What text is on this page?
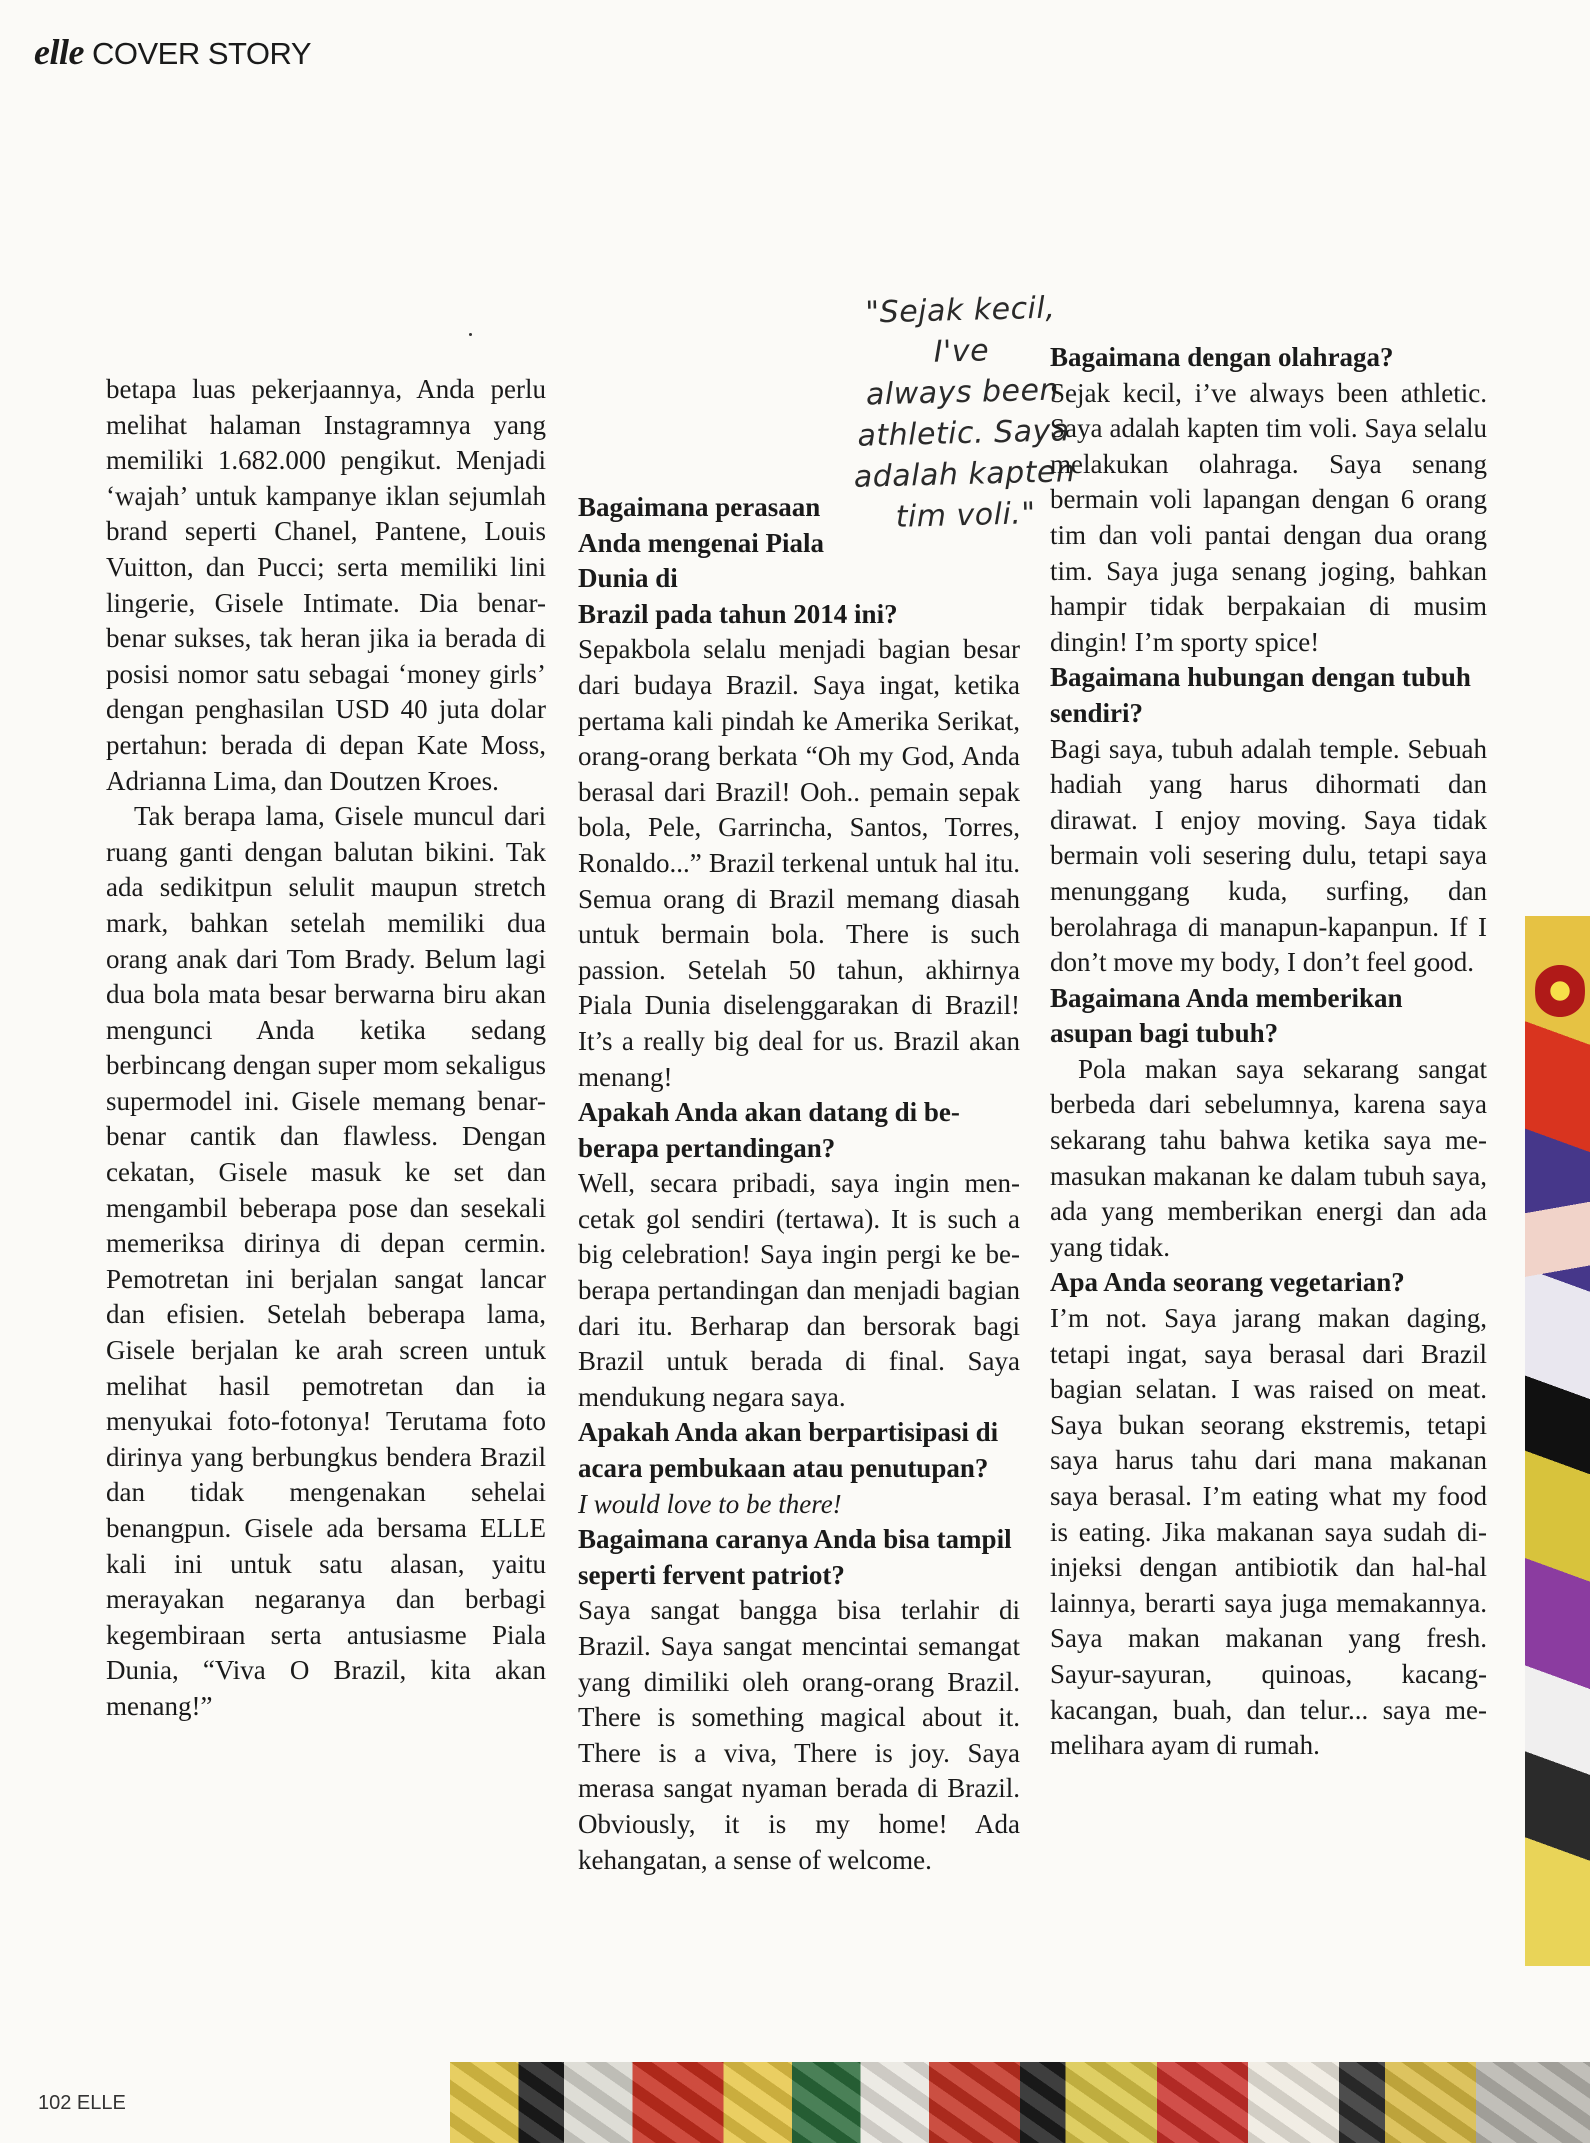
elle COVER STORY

betapa luas pekerjaannya, Anda perlu melihat halaman Instagramnya yang memiliki 1.682.000 pengikut. Menjadi ‘wajah’ untuk kampanye iklan sejumlah brand seperti Chanel, Pantene, Louis Vuitton, dan Pucci; serta memiliki lini lingerie, Gisele Intimate. Dia benar-benar sukses, tak heran jika ia berada di posisi nomor satu sebagai ‘money girls’ dengan penghasilan USD 40 juta dolar pertahun: berada di depan Kate Moss, Adrianna Lima, dan Doutzen Kroes.

Tak berapa lama, Gisele muncul dari ruang ganti dengan balutan bikini. Tak ada sedikitpun selulit maupun stretch mark, bahkan setelah memiliki dua orang anak dari Tom Brady. Belum lagi dua bola mata besar berwarna biru akan mengunci Anda ketika sedang berbincang dengan super mom sekaligus supermodel ini. Gisele memang benar-benar cantik dan flawless. Dengan cekatan, Gisele masuk ke set dan mengambil beberapa pose dan sesekali memeriksa dirinya di depan cermin. Pemotretan ini berjalan sangat lancar dan efisien. Setelah beberapa lama, Gisele berjalan ke arah screen untuk melihat hasil pemotretan dan ia menyukai foto-fotonya! Terutama foto dirinya yang berbungkus bendera Brazil dan tidak mengenakan sehelai benangpun. Gisele ada bersama ELLE kali ini untuk satu alasan, yaitu merayakan negaranya dan berbagi kegembiraan serta antusiasme Piala Dunia, “Viva O Brazil, kita akan menang!”

"Sejak kecil, I've
always been
athletic. Saya
adalah kapten
tim voli."

Bagaimana perasaan Anda mengenai Piala Dunia di

Brazil pada tahun 2014 ini?

Sepakbola selalu menjadi bagian besar dari budaya Brazil. Saya ingat, ketika pertama kali pindah ke Amerika Serikat, orang-orang berkata “Oh my God, Anda berasal dari Brazil! Ooh.. pemain sepak bola, Pele, Garrincha, Santos, Torres, Ronaldo...” Brazil terkenal untuk hal itu. Semua orang di Brazil memang diasah untuk bermain bola. There is such passion. Setelah 50 tahun, akhirnya Piala Dunia diselenggarakan di Brazil! It’s a really big deal for us. Brazil akan menang!

Apakah Anda akan datang di beberapa pertandingan?

Well, secara pribadi, saya ingin mencetak gol sendiri (tertawa). It is such a big celebration! Saya ingin pergi ke beberapa pertandingan dan menjadi bagian dari itu. Berharap dan bersorak bagi Brazil untuk berada di final. Saya mendukung negara saya.

Apakah Anda akan berpartisipasi di acara pembukaan atau penutupan?

I would love to be there!

Bagaimana caranya Anda bisa tampil seperti fervent patriot?

Saya sangat bangga bisa terlahir di Brazil. Saya sangat mencintai semangat yang dimiliki oleh orang-orang Brazil. There is something magical about it. There is a viva, There is joy. Saya merasa sangat nyaman berada di Brazil. Obviously, it is my home! Ada kehangatan, a sense of welcome.

Bagaimana dengan olahraga?

Sejak kecil, i’ve always been athletic. Saya adalah kapten tim voli. Saya selalu melakukan olahraga. Saya senang bermain voli lapangan dengan 6 orang tim dan voli pantai dengan dua orang tim. Saya juga senang joging, bahkan hampir tidak berpakaian di musim dingin! I’m sporty spice!

Bagaimana hubungan dengan tubuh sendiri?

Bagi saya, tubuh adalah temple. Sebuah hadiah yang harus dihormati dan dirawat. I enjoy moving. Saya tidak bermain voli sesering dulu, tetapi saya menunggang kuda, surfing, dan berolahraga di manapun-kapanpun. If I don’t move my body, I don’t feel good.

Bagaimana Anda memberikan asupan bagi tubuh?

Pola makan saya sekarang sangat berbeda dari sebelumnya, karena saya sekarang tahu bahwa ketika saya memasukan makanan ke dalam tubuh saya, ada yang memberikan energi dan ada yang tidak.

Apa Anda seorang vegetarian?

I’m not. Saya jarang makan daging, tetapi ingat, saya berasal dari Brazil bagian selatan. I was raised on meat. Saya bukan seorang ekstremis, tetapi saya harus tahu dari mana makanan saya berasal. I’m eating what my food is eating. Jika makanan saya sudah diinjeksi dengan antibiotik dan hal-hal lainnya, berarti saya juga memakannya. Saya makan makanan yang fresh. Sayur-sayuran, quinoas, kacang-kacangan, buah, dan telur... saya memelihara ayam di rumah.

102 ELLE
